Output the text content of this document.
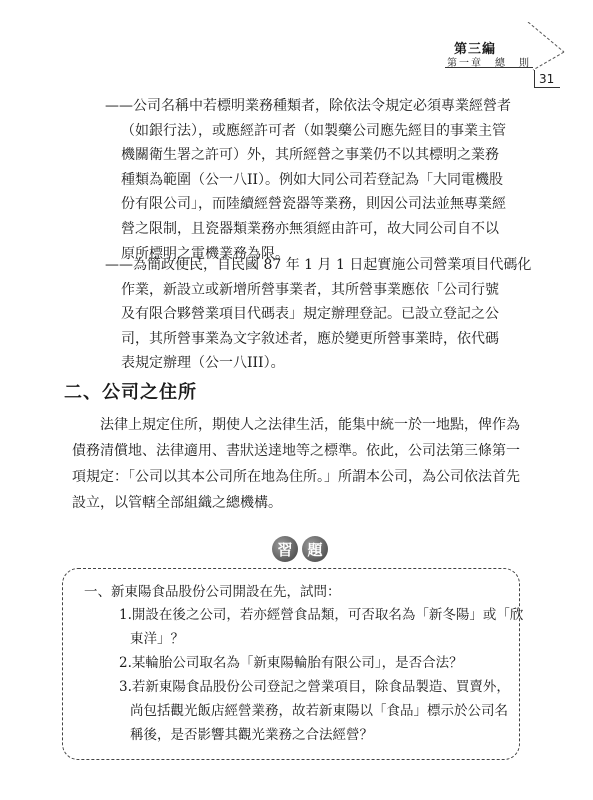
第三編
第一章　總　則
31
——公司名稱中若標明業務種類者，除依法令規定必須專業經營者
（如銀行法），或應經許可者（如製藥公司應先經目的事業主管
機關衛生署之許可）外，其所經營之事業仍不以其標明之業務
種類為範圍（公一八II）。例如大同公司若登記為「大同電機股
份有限公司」，而陸續經營瓷器等業務，則因公司法並無專業經
營之限制，且瓷器類業務亦無須經由許可，故大同公司自不以
原所標明之電機業務為限。
——為簡政便民，自民國 87 年 1 月 1 日起實施公司營業項目代碼化
作業，新設立或新增所營事業者，其所營事業應依「公司行號
及有限合夥營業項目代碼表」規定辦理登記。已設立登記之公
司，其所營事業為文字敘述者，應於變更所營事業時，依代碼
表規定辦理（公一八III）。
二、公司之住所
法律上規定住所，期使人之法律生活，能集中統一於一地點，俾作為
債務清償地、法律適用、書狀送達地等之標準。依此，公司法第三條第一
項規定：「公司以其本公司所在地為住所。」所謂本公司，為公司依法首先
設立，以管轄全部組織之總機構。
習 題
一、新東陽食品股份公司開設在先，試問：
1.開設在後之公司，若亦經營食品類，可否取名為「新冬陽」或「欣
東洋」？
2.某輪胎公司取名為「新東陽輪胎有限公司」，是否合法？
3.若新東陽食品股份公司登記之營業項目，除食品製造、買賣外，
尚包括觀光飯店經營業務，故若新東陽以「食品」標示於公司名
稱後，是否影響其觀光業務之合法經營？
